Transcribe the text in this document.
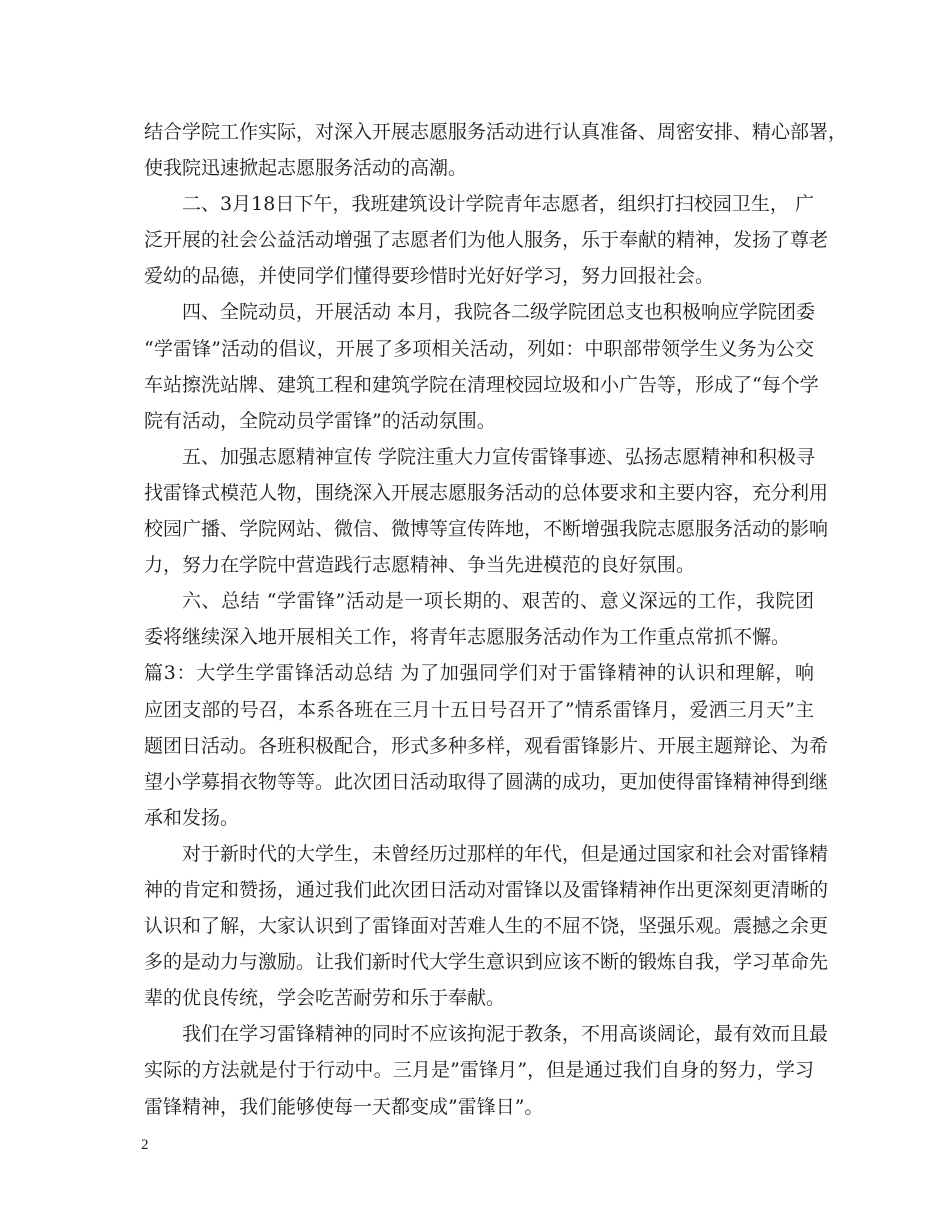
结合学院工作实际，对深入开展志愿服务活动进行认真准备、周密安排、精心部署，
使我院迅速掀起志愿服务活动的高潮。
二、3月18日下午，我班建筑设计学院青年志愿者，组织打扫校园卫生， 广
泛开展的社会公益活动增强了志愿者们为他人服务，乐于奉献的精神，发扬了尊老
爱幼的品德，并使同学们懂得要珍惜时光好好学习，努力回报社会。
四、全院动员，开展活动 本月，我院各二级学院团总支也积极响应学院团委
“学雷锋”活动的倡议，开展了多项相关活动，列如：中职部带领学生义务为公交
车站擦洗站牌、建筑工程和建筑学院在清理校园垃圾和小广告等，形成了“每个学
院有活动，全院动员学雷锋”的活动氛围。
五、加强志愿精神宣传 学院注重大力宣传雷锋事迹、弘扬志愿精神和积极寻
找雷锋式模范人物，围绕深入开展志愿服务活动的总体要求和主要内容，充分利用
校园广播、学院网站、微信、微博等宣传阵地，不断增强我院志愿服务活动的影响
力，努力在学院中营造践行志愿精神、争当先进模范的良好氛围。
六、总结 “学雷锋”活动是一项长期的、艰苦的、意义深远的工作，我院团
委将继续深入地开展相关工作，将青年志愿服务活动作为工作重点常抓不懈。
篇3：大学生学雷锋活动总结 为了加强同学们对于雷锋精神的认识和理解，响
应团支部的号召，本系各班在三月十五日号召开了”情系雷锋月，爱洒三月天”主
题团日活动。各班积极配合，形式多种多样，观看雷锋影片、开展主题辩论、为希
望小学募捐衣物等等。此次团日活动取得了圆满的成功，更加使得雷锋精神得到继
承和发扬。
对于新时代的大学生，未曾经历过那样的年代，但是通过国家和社会对雷锋精
神的肯定和赞扬，通过我们此次团日活动对雷锋以及雷锋精神作出更深刻更清晰的
认识和了解，大家认识到了雷锋面对苦难人生的不屈不饶，坚强乐观。震撼之余更
多的是动力与激励。让我们新时代大学生意识到应该不断的锻炼自我，学习革命先
辈的优良传统，学会吃苦耐劳和乐于奉献。
我们在学习雷锋精神的同时不应该拘泥于教条，不用高谈阔论，最有效而且最
实际的方法就是付于行动中。三月是”雷锋月”，但是通过我们自身的努力，学习
雷锋精神，我们能够使每一天都变成”雷锋日”。
2
